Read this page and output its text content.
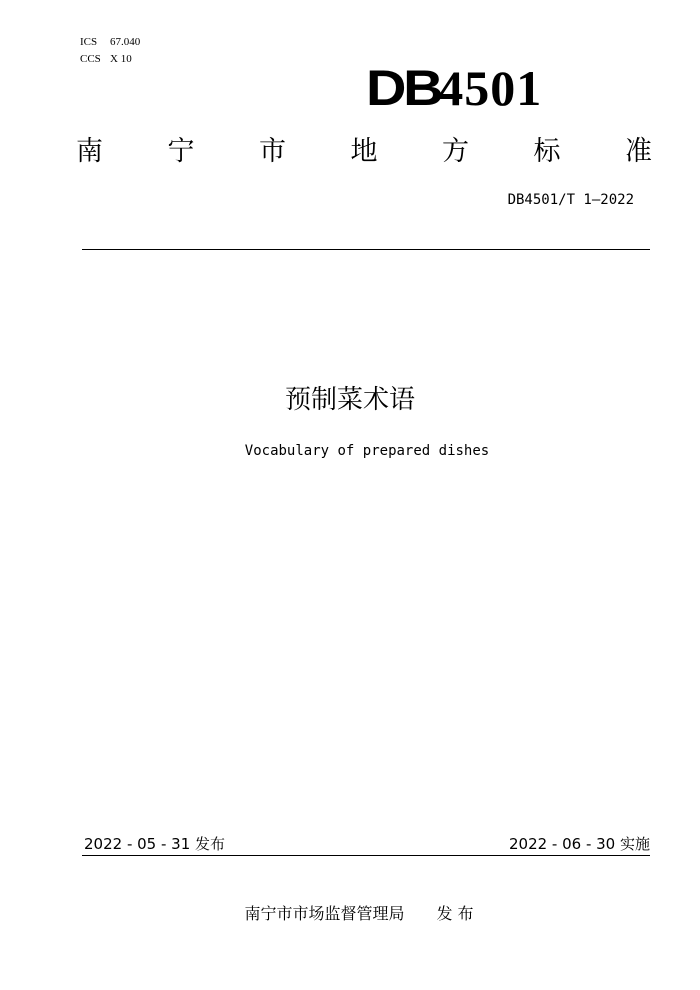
ICS 67.040
CCS X 10
DB4501
南 宁 市 地 方 标 准
DB4501/T 1—2022
预制菜术语
Vocabulary of prepared dishes
2022 - 05 - 31 发布	2022 - 06 - 30 实施
南宁市市场监督管理局 发 布
